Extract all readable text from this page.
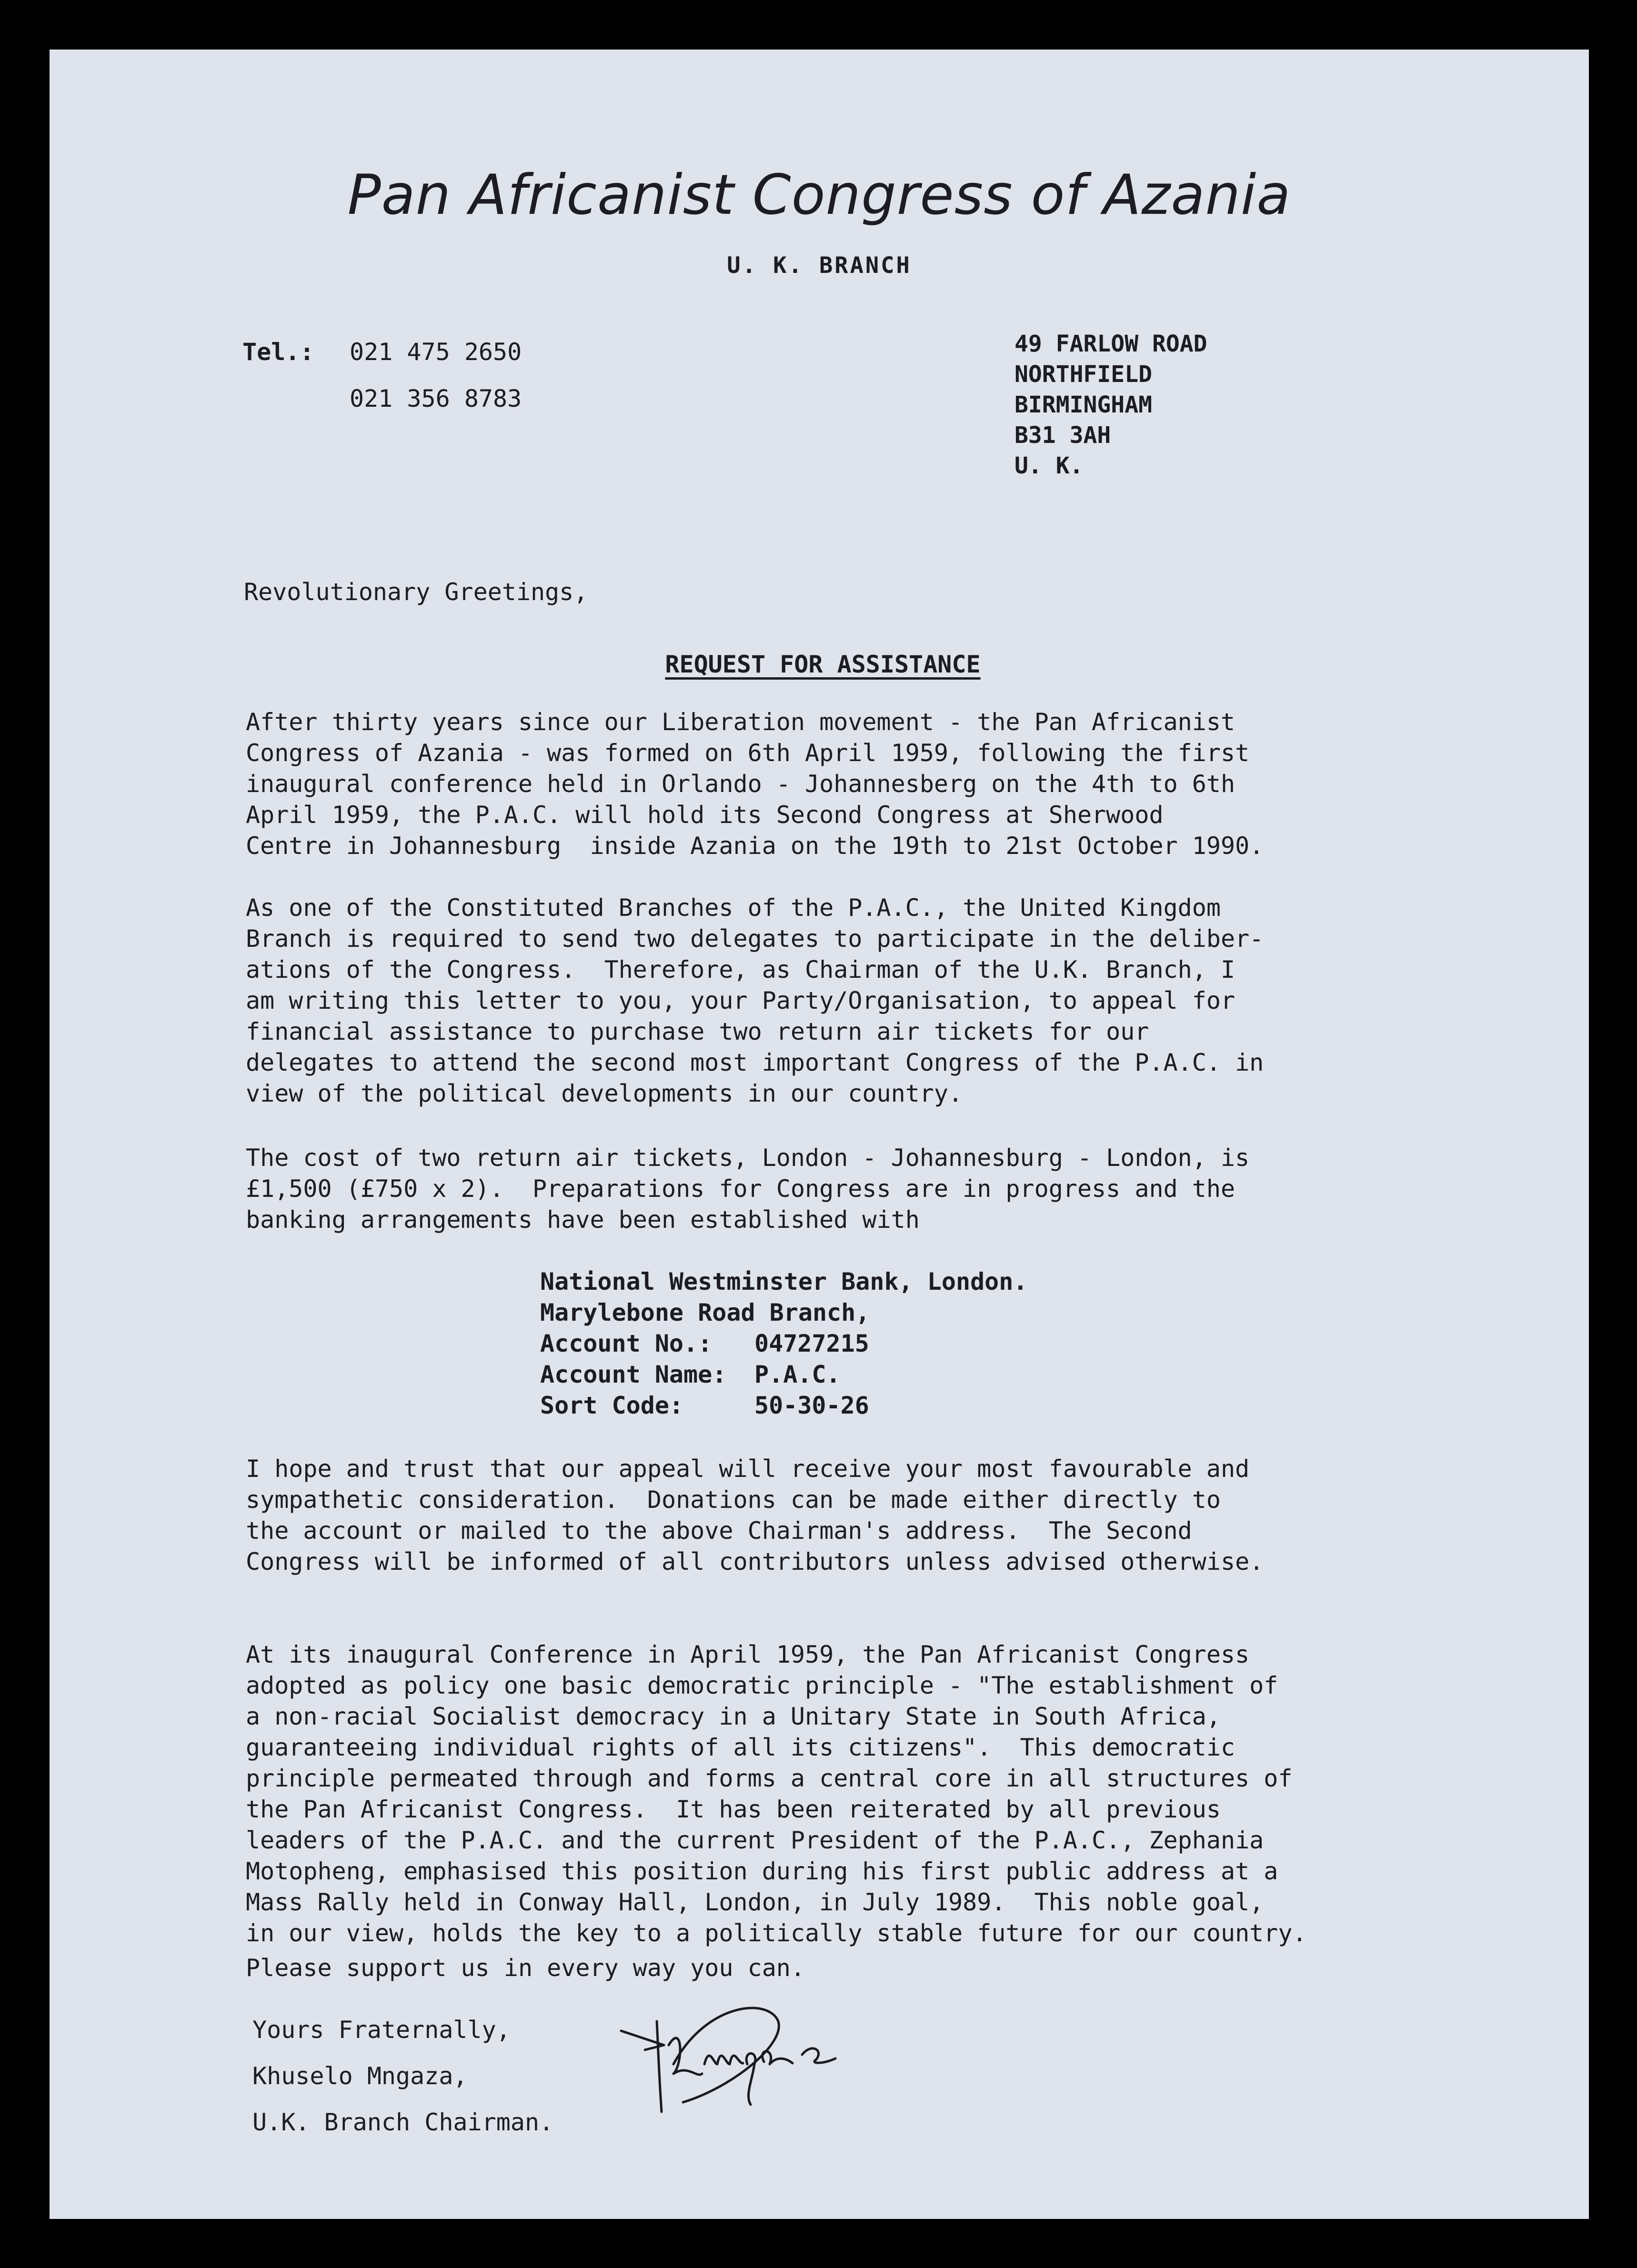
Pan Africanist Congress of Azania
U. K. BRANCH
Tel.: 021 475 2650
021 356 8783
49 FARLOW ROAD
NORTHFIELD
BIRMINGHAM
B31 3AH
U. K.
Revolutionary Greetings,
REQUEST FOR ASSISTANCE
After thirty years since our Liberation movement - the Pan Africanist
Congress of Azania - was formed on 6th April 1959, following the first
inaugural conference held in Orlando - Johannesberg on the 4th to 6th
April 1959, the P.A.C. will hold its Second Congress at Sherwood
Centre in Johannesburg  inside Azania on the 19th to 21st October 1990.
As one of the Constituted Branches of the P.A.C., the United Kingdom
Branch is required to send two delegates to participate in the deliber-
ations of the Congress.  Therefore, as Chairman of the U.K. Branch, I
am writing this letter to you, your Party/Organisation, to appeal for
financial assistance to purchase two return air tickets for our
delegates to attend the second most important Congress of the P.A.C. in
view of the political developments in our country.
The cost of two return air tickets, London - Johannesburg - London, is
£1,500 (£750 x 2).  Preparations for Congress are in progress and the
banking arrangements have been established with
National Westminster Bank, London.
Marylebone Road Branch,
Account No.:	04727215
Account Name:	P.A.C.
Sort Code:	50-30-26
I hope and trust that our appeal will receive your most favourable and
sympathetic consideration.  Donations can be made either directly to
the account or mailed to the above Chairman's address.  The Second
Congress will be informed of all contributors unless advised otherwise.
At its inaugural Conference in April 1959, the Pan Africanist Congress
adopted as policy one basic democratic principle - "The establishment of
a non-racial Socialist democracy in a Unitary State in South Africa,
guaranteeing individual rights of all its citizens".  This democratic
principle permeated through and forms a central core in all structures of
the Pan Africanist Congress.  It has been reiterated by all previous
leaders of the P.A.C. and the current President of the P.A.C., Zephania
Motopheng, emphasised this position during his first public address at a
Mass Rally held in Conway Hall, London, in July 1989.  This noble goal,
in our view, holds the key to a politically stable future for our country.
Please support us in every way you can.
Yours Fraternally,
Khuselo Mngaza,
U.K. Branch Chairman.
